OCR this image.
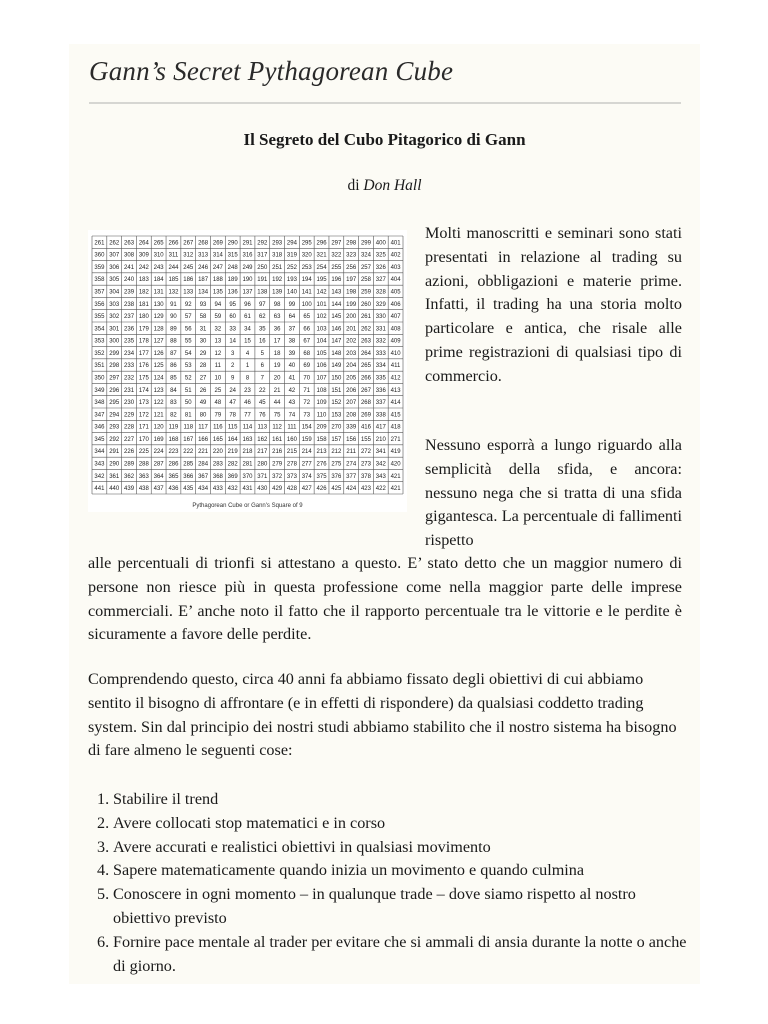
Gann’s Secret Pythagorean Cube
Il Segreto del Cubo Pitagorico di Gann
di Don Hall
261 262 263 264 265 266 267 268 269 290 291 292 293 294 295 296 297 298 299 400 401
360 307 308 309 310 311 312 313 314 315 316 317 318 319 320 321 322 323 324 325 402
359 306 241 242 243 244 245 246 247 248 249 250 251 252 253 254 255 256 257 326 403
358 305 240 183 184 185 186 187 188 189 190 191 192 193 194 195 196 197 258 327 404
357 304 239 182 131 132 133 134 135 136 137 138 139 140 141 142 143 198 259 328 405
356 303 238 181 130 91 92 93 94 95 96 97 98 99 100 101 144 199 260 329 406
355 302 237 180 129 90 57 58 59 60 61 62 63 64 65 102 145 200 261 330 407
354 301 236 179 128 89 56 31 32 33 34 35 36 37 66 103 146 201 262 331 408
353 300 235 178 127 88 55 30 13 14 15 16 17 38 67 104 147 202 263 332 409
352 299 234 177 126 87 54 29 12 3 4 5 18 39 68 105 148 203 264 333 410
351 298 233 176 125 86 53 28 11 2 1 6 19 40 69 106 149 204 265 334 411
350 297 232 175 124 85 52 27 10 9 8 7 20 41 70 107 150 205 266 335 412
349 296 231 174 123 84 51 26 25 24 23 22 21 42 71 108 151 206 267 336 413
348 295 230 173 122 83 50 49 48 47 46 45 44 43 72 109 152 207 268 337 414
347 294 229 172 121 82 81 80 79 78 77 76 75 74 73 110 153 208 269 338 415
346 293 228 171 120 119 118 117 116 115 114 113 112 111 154 209 270 339 416 417 418
345 292 227 170 169 168 167 166 165 164 163 162 161 160 159 158 157 156 155 210 271
344 291 226 225 224 223 222 221 220 219 218 217 216 215 214 213 212 211 272 341 419
343 290 289 288 287 286 285 284 283 282 281 280 279 278 277 276 275 274 273 342 420
342 361 362 363 364 365 366 367 368 369 370 371 372 373 374 375 376 377 378 343 421
441 440 439 438 437 436 435 434 433 432 431 430 429 428 427 426 425 424 423 422 421
Pythagorean Cube or Gann's Square of 9

Molti manoscritti e seminari sono stati presentati in relazione al trading su azioni, obbligazioni e materie prime. Infatti, il trading ha una storia molto particolare e antica, che risale alle prime registrazioni di qualsiasi tipo di commercio.

Nessuno esporrà a lungo riguardo alla semplicità della sfida, e ancora: nessuno nega che si tratta di una sfida gigantesca. La percentuale di fallimenti rispetto

alle percentuali di trionfi si attestano a questo. E’ stato detto che un maggior numero di persone non riesce più in questa professione come nella maggior parte delle imprese commerciali. E’ anche noto il fatto che il rapporto percentuale tra le vittorie e le perdite è sicuramente a favore delle perdite.

Comprendendo questo, circa 40 anni fa abbiamo fissato degli obiettivi di cui abbiamo sentito il bisogno di affrontare (e in effetti di rispondere) da qualsiasi coddetto trading system. Sin dal principio dei nostri studi abbiamo stabilito che il nostro sistema ha bisogno di fare almeno le seguenti cose:

1. Stabilire il trend
2. Avere collocati stop matematici e in corso
3. Avere accurati e realistici obiettivi in qualsiasi movimento
4. Sapere matematicamente quando inizia un movimento e quando culmina
5. Conoscere in ogni momento – in qualunque trade – dove siamo rispetto al nostro obiettivo previsto
6. Fornire pace mentale al trader per evitare che si ammali di ansia durante la notte o anche di giorno.
